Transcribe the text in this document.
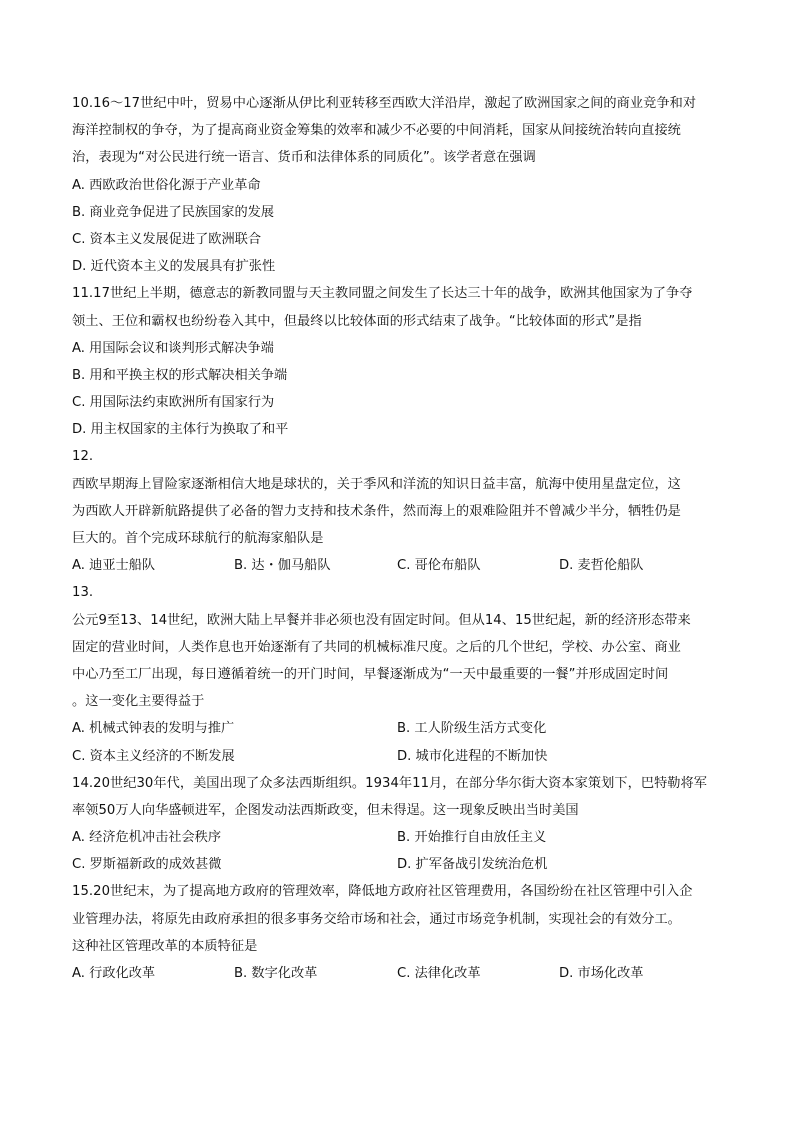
10.16～17世纪中叶，贸易中心逐渐从伊比利亚转移至西欧大洋沿岸，激起了欧洲国家之间的商业竞争和对
海洋控制权的争夺，为了提高商业资金筹集的效率和减少不必要的中间消耗，国家从间接统治转向直接统
治，表现为“对公民进行统一语言、货币和法律体系的同质化”。该学者意在强调
A. 西欧政治世俗化源于产业革命
B. 商业竞争促进了民族国家的发展
C. 资本主义发展促进了欧洲联合
D. 近代资本主义的发展具有扩张性
11.17世纪上半期，德意志的新教同盟与天主教同盟之间发生了长达三十年的战争，欧洲其他国家为了争夺
领土、王位和霸权也纷纷卷入其中，但最终以比较体面的形式结束了战争。“比较体面的形式”是指
A. 用国际会议和谈判形式解决争端
B. 用和平换主权的形式解决相关争端
C. 用国际法约束欧洲所有国家行为
D. 用主权国家的主体行为换取了和平
12.
西欧早期海上冒险家逐渐相信大地是球状的，关于季风和洋流的知识日益丰富，航海中使用星盘定位，这
为西欧人开辟新航路提供了必备的智力支持和技术条件，然而海上的艰难险阻并不曾减少半分，牺牲仍是
巨大的。首个完成环球航行的航海家船队是
A. 迪亚士船队	B. 达・伽马船队	C. 哥伦布船队	D. 麦哲伦船队
13.
公元9至13、14世纪，欧洲大陆上早餐并非必须也没有固定时间。但从14、15世纪起，新的经济形态带来
固定的营业时间，人类作息也开始逐渐有了共同的机械标准尺度。之后的几个世纪，学校、办公室、商业
中心乃至工厂出现，每日遵循着统一的开门时间，早餐逐渐成为“一天中最重要的一餐”并形成固定时间
。这一变化主要得益于
A. 机械式钟表的发明与推广	B. 工人阶级生活方式变化
C. 资本主义经济的不断发展	D. 城市化进程的不断加快
14.20世纪30年代，美国出现了众多法西斯组织。1934年11月，在部分华尔街大资本家策划下，巴特勒将军
率领50万人向华盛顿进军，企图发动法西斯政变，但未得逞。这一现象反映出当时美国
A. 经济危机冲击社会秩序	B. 开始推行自由放任主义
C. 罗斯福新政的成效甚微	D. 扩军备战引发统治危机
15.20世纪末，为了提高地方政府的管理效率，降低地方政府社区管理费用，各国纷纷在社区管理中引入企
业管理办法，将原先由政府承担的很多事务交给市场和社会，通过市场竞争机制，实现社会的有效分工。
这种社区管理改革的本质特征是
A. 行政化改革	B. 数字化改革	C. 法律化改革	D. 市场化改革
